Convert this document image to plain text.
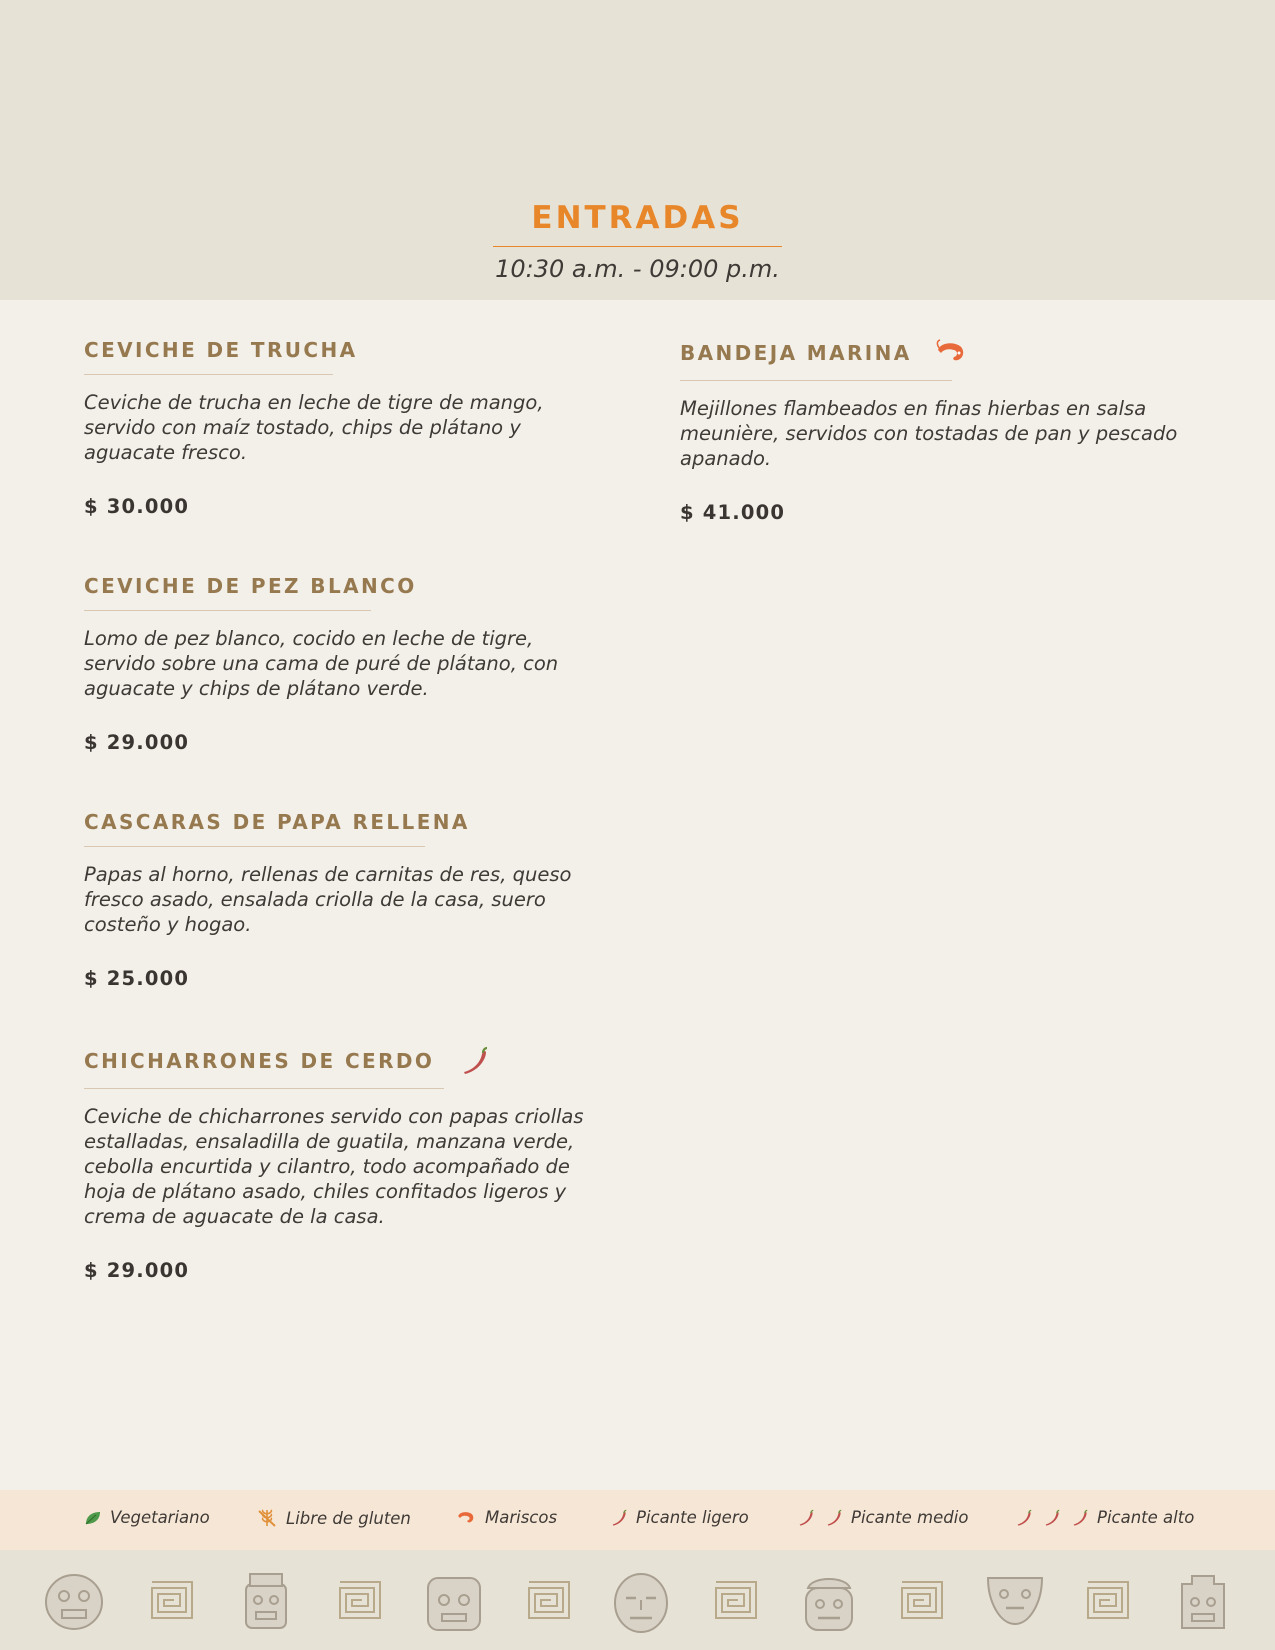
ENTRADAS
10:30 a.m. - 09:00 p.m.
CEVICHE DE TRUCHA
Ceviche de trucha en leche de tigre de mango, servido con maíz tostado, chips de plátano y aguacate fresco.
$ 30.000
CEVICHE DE PEZ BLANCO
Lomo de pez blanco, cocido en leche de tigre, servido sobre una cama de puré de plátano, con aguacate y chips de plátano verde.
$ 29.000
CASCARAS DE PAPA RELLENA
Papas al horno, rellenas de carnitas de res, queso fresco asado, ensalada criolla de la casa, suero costeño y hogao.
$ 25.000
CHICHARRONES DE CERDO
Ceviche de chicharrones servido con papas criollas estalladas, ensaladilla de guatila, manzana verde, cebolla encurtida y cilantro, todo acompañado de hoja de plátano asado, chiles confitados ligeros y crema de aguacate de la casa.
$ 29.000
BANDEJA MARINA
Mejillones flambeados en finas hierbas en salsa meunière, servidos con tostadas de pan y pescado apanado.
$ 41.000
Vegetariano	Libre de gluten	Mariscos	Picante ligero	Picante medio	Picante alto
